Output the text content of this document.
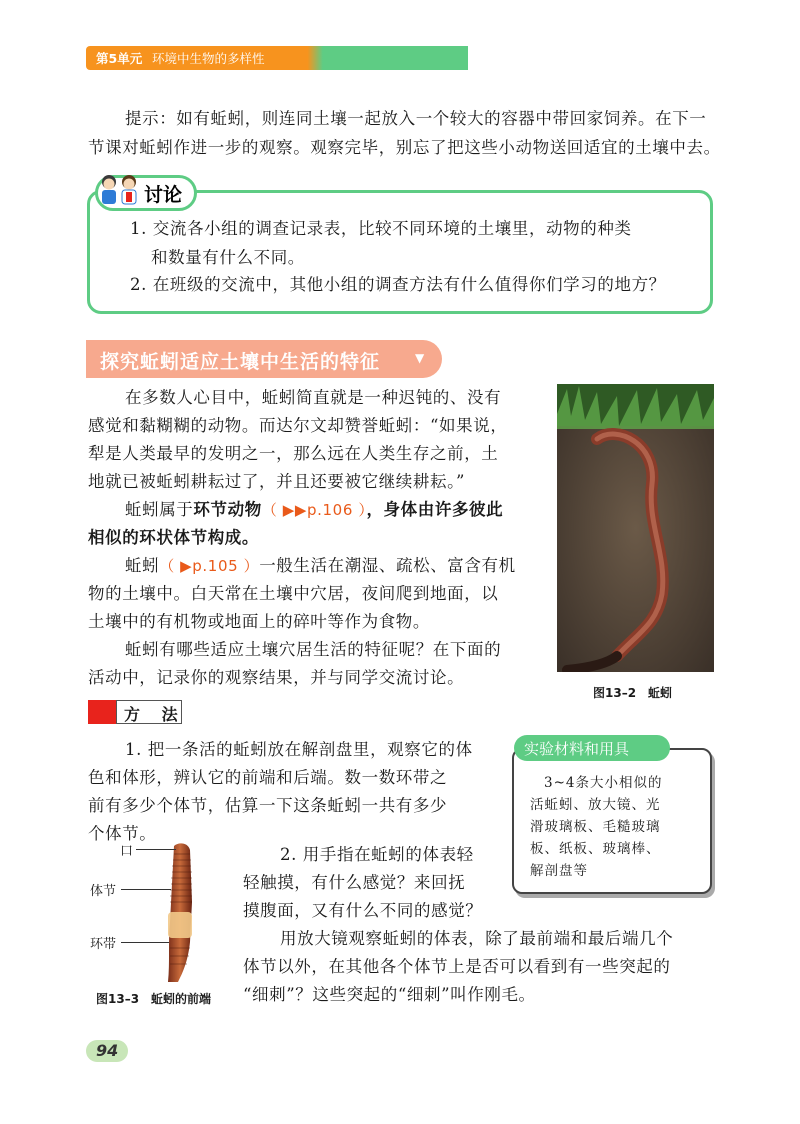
第5单元 环境中生物的多样性
提示：如有蚯蚓，则连同土壤一起放入一个较大的容器中带回家饲养。在下一
节课对蚯蚓作进一步的观察。观察完毕，别忘了把这些小动物送回适宜的土壤中去。
讨论
1. 交流各小组的调查记录表，比较不同环境的土壤里，动物的种类
和数量有什么不同。
2. 在班级的交流中，其他小组的调查方法有什么值得你们学习的地方？
探究蚯蚓适应土壤中生活的特征	▼
在多数人心目中，蚯蚓简直就是一种迟钝的、没有
感觉和黏糊糊的动物。而达尔文却赞誉蚯蚓：“如果说，
犁是人类最早的发明之一，那么远在人类生存之前，土
地就已被蚯蚓耕耘过了，并且还要被它继续耕耘。”
蚯蚓属于环节动物（ ▶▶p.106 ），身体由许多彼此
相似的环状体节构成。
蚯蚓（ ▶p.105 ）一般生活在潮湿、疏松、富含有机
物的土壤中。白天常在土壤中穴居，夜间爬到地面，以
土壤中的有机物或地面上的碎叶等作为食物。
蚯蚓有哪些适应土壤穴居生活的特征呢？在下面的
活动中，记录你的观察结果，并与同学交流讨论。
图13–2　蚯蚓
方 法
1. 把一条活的蚯蚓放在解剖盘里，观察它的体
色和体形，辨认它的前端和后端。数一数环带之
前有多少个体节，估算一下这条蚯蚓一共有多少
个体节。
实验材料和用具
3~4条大小相似的
活蚯蚓、放大镜、光
滑玻璃板、毛糙玻璃
板、纸板、玻璃棒、
解剖盘等
口
体节
环带
图13–3　蚯蚓的前端
2. 用手指在蚯蚓的体表轻
轻触摸，有什么感觉？来回抚
摸腹面，又有什么不同的感觉？
用放大镜观察蚯蚓的体表，除了最前端和最后端几个
体节以外，在其他各个体节上是否可以看到有一些突起的
“细刺”？这些突起的“细刺”叫作刚毛。
94
